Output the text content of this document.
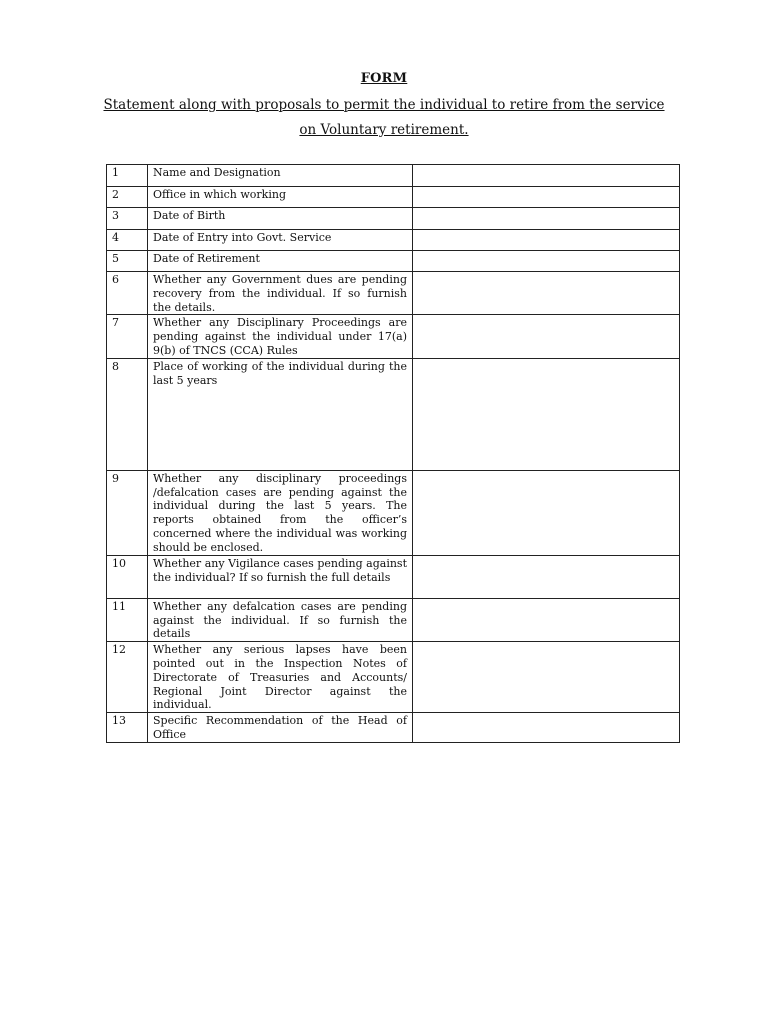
FORM
Statement along with proposals to permit the individual to retire from the service on Voluntary retirement.
1	Name and Designation	
2	Office in which working	
3	Date of Birth	
4	Date of Entry into Govt. Service	
5	Date of Retirement	
6	Whether any Government dues are pending recovery from the individual. If so furnish the details.	
7	Whether any Disciplinary Proceedings are pending against the individual under 17(a) 9(b) of TNCS (CCA) Rules	
8	Place of working of the individual during the last 5 years	
9	Whether any disciplinary proceedings /defalcation cases are pending against the individual during the last 5 years. The reports obtained from the officer’s concerned where the individual was working should be enclosed.	
10	Whether any Vigilance cases pending against the individual? If so furnish the full details	
11	Whether any defalcation cases are pending against the individual. If so furnish the details	
12	Whether any serious lapses have been pointed out in the Inspection Notes of Directorate of Treasuries and Accounts/ Regional Joint Director against the individual.	
13	Specific Recommendation of the Head of Office	
